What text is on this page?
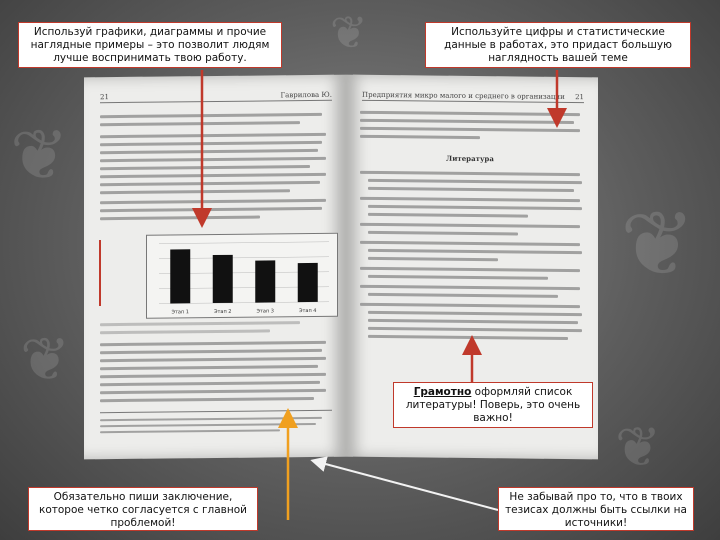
❦
❦
❦
❦
❦
21	Гаврилова Ю.
Этап 1	Этап 2	Этап 3	Этап 4
Предприятия микро малого и среднего в организации 21
Литература
Используй графики, диаграммы и прочие наглядные примеры – это позволит людям лучше воспринимать твою работу.
Используйте цифры и статистические данные в работах, это придаст большую наглядность вашей теме
Грамотно оформляй список литературы! Поверь, это очень важно!
Обязательно пиши заключение, которое четко согласуется с главной проблемой!
Не забывай про то, что в твоих тезисах должны быть ссылки на источники!
